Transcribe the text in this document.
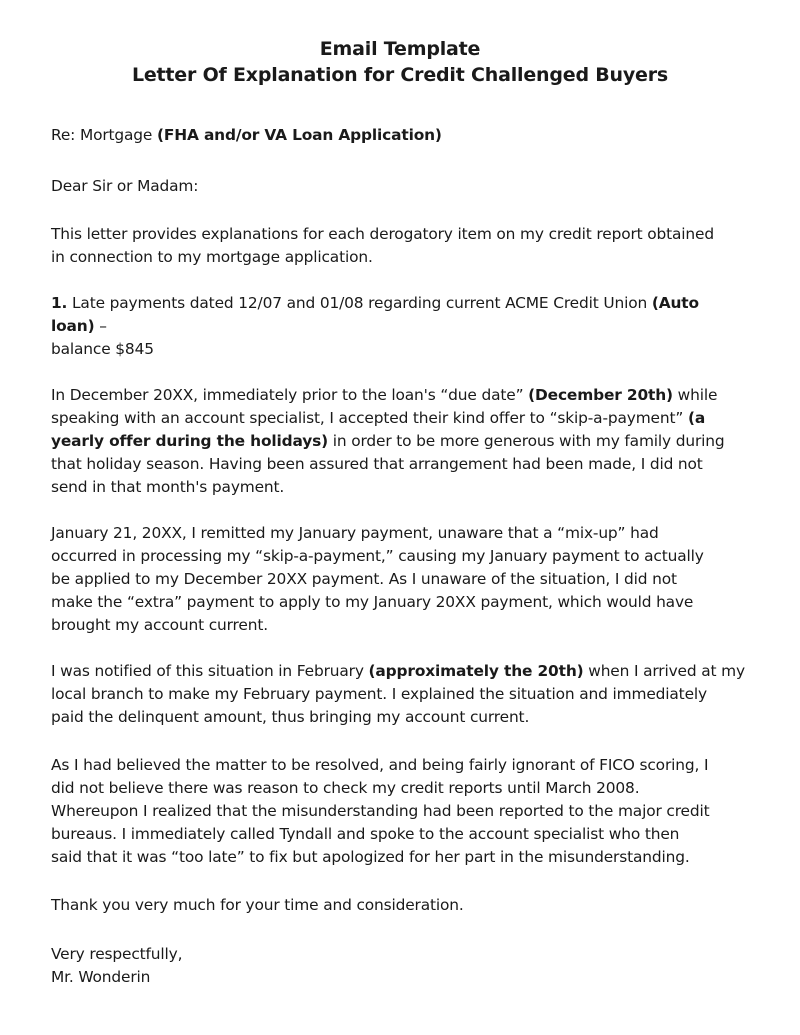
Email Template
Letter Of Explanation for Credit Challenged Buyers
Re: Mortgage (FHA and/or VA Loan Application)
Dear Sir or Madam:
This letter provides explanations for each derogatory item on my credit report obtained
in connection to my mortgage application.
1. Late payments dated 12/07 and 01/08 regarding current ACME Credit Union (Auto
loan) –
balance $845
In December 20XX, immediately prior to the loan's “due date” (December 20th) while
speaking with an account specialist, I accepted their kind offer to “skip-a-payment” (a
yearly offer during the holidays) in order to be more generous with my family during
that holiday season. Having been assured that arrangement had been made, I did not
send in that month's payment.
January 21, 20XX, I remitted my January payment, unaware that a “mix-up” had
occurred in processing my “skip-a-payment,” causing my January payment to actually
be applied to my December 20XX payment. As I unaware of the situation, I did not
make the “extra” payment to apply to my January 20XX payment, which would have
brought my account current.
I was notified of this situation in February (approximately the 20th) when I arrived at my
local branch to make my February payment. I explained the situation and immediately
paid the delinquent amount, thus bringing my account current.
As I had believed the matter to be resolved, and being fairly ignorant of FICO scoring, I
did not believe there was reason to check my credit reports until March 2008.
Whereupon I realized that the misunderstanding had been reported to the major credit
bureaus. I immediately called Tyndall and spoke to the account specialist who then
said that it was “too late” to fix but apologized for her part in the misunderstanding.
Thank you very much for your time and consideration.
Very respectfully,
Mr. Wonderin
